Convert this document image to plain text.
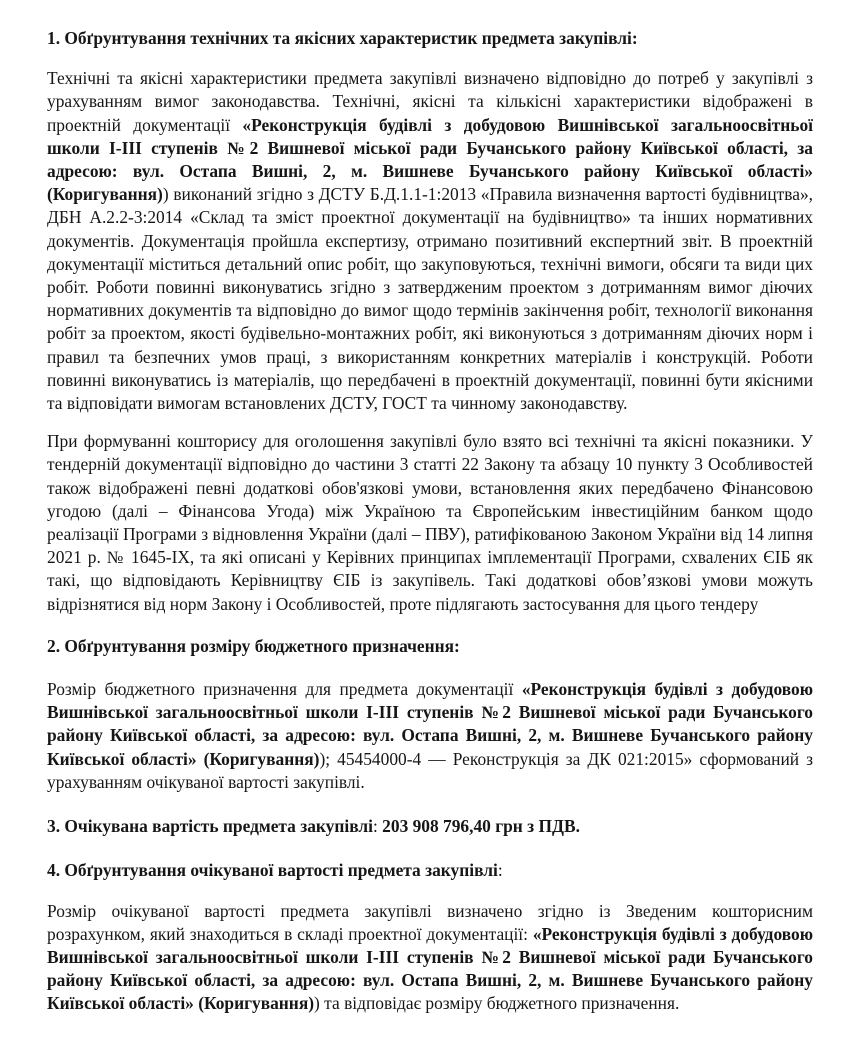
1. Обґрунтування технічних та якісних характеристик предмета закупівлі:

Технічні та якісні характеристики предмета закупівлі визначено відповідно до потреб у закупівлі з урахуванням вимог законодавства. Технічні, якісні та кількісні характеристики відображені в проектній документації «Реконструкція будівлі з добудовою Вишнівської загальноосвітньої школи І-ІІІ ступенів №2 Вишневої міської ради Бучанського району Київської області, за адресою: вул. Остапа Вишні, 2, м. Вишневе Бучанського району Київської області» (Коригування)) виконаний згідно з ДСТУ Б.Д.1.1-1:2013 «Правила визначення вартості будівництва», ДБН А.2.2-3:2014 «Склад та зміст проектної документації на будівництво» та інших нормативних документів. Документація пройшла експертизу, отримано позитивний експертний звіт. В проектній документації міститься детальний опис робіт, що закуповуються, технічні вимоги, обсяги та види цих робіт. Роботи повинні виконуватись згідно з затвердженим проектом з дотриманням вимог діючих нормативних документів та відповідно до вимог щодо термінів закінчення робіт, технології виконання робіт за проектом, якості будівельно-монтажних робіт, які виконуються з дотриманням діючих норм і правил та безпечних умов праці, з використанням конкретних матеріалів і конструкцій. Роботи повинні виконуватись із матеріалів, що передбачені в проектній документації, повинні бути якісними та відповідати вимогам встановлених ДСТУ, ГОСТ та чинному законодавству.

При формуванні кошторису для оголошення закупівлі було взято всі технічні та якісні показники. У тендерній документації відповідно до частини 3 статті 22 Закону та абзацу 10 пункту 3 Особливостей також відображені певні додаткові обов'язкові умови, встановлення яких передбачено Фінансовою угодою (далі – Фінансова Угода) між Україною та Європейським інвестиційним банком щодо реалізації Програми з відновлення України (далі – ПВУ), ратифікованою Законом України від 14 липня 2021 р. № 1645-IX, та які описані у Керівних принципах імплементації Програми, схвалених ЄІБ як такі, що відповідають Керівництву ЄІБ із закупівель. Такі додаткові обов’язкові умови можуть відрізнятися від норм Закону і Особливостей, проте підлягають застосування для цього тендеру

2. Обґрунтування розміру бюджетного призначення:

Розмір бюджетного призначення для предмета документації «Реконструкція будівлі з добудовою Вишнівської загальноосвітньої школи І-ІІІ ступенів №2 Вишневої міської ради Бучанського району Київської області, за адресою: вул. Остапа Вишні, 2, м. Вишневе Бучанського району Київської області» (Коригування)); 45454000-4 — Реконструкція за ДК 021:2015» сформований з урахуванням очікуваної вартості закупівлі.

3. Очікувана вартість предмета закупівлі: 203 908 796,40 грн з ПДВ.

4. Обґрунтування очікуваної вартості предмета закупівлі:

Розмір очікуваної вартості предмета закупівлі визначено згідно із Зведеним кошторисним розрахунком, який знаходиться в складі проектної документації: «Реконструкція будівлі з добудовою Вишнівської загальноосвітньої школи І-ІІІ ступенів №2 Вишневої міської ради Бучанського району Київської області, за адресою: вул. Остапа Вишні, 2, м. Вишневе Бучанського району Київської області» (Коригування)) та відповідає розміру бюджетного призначення.
